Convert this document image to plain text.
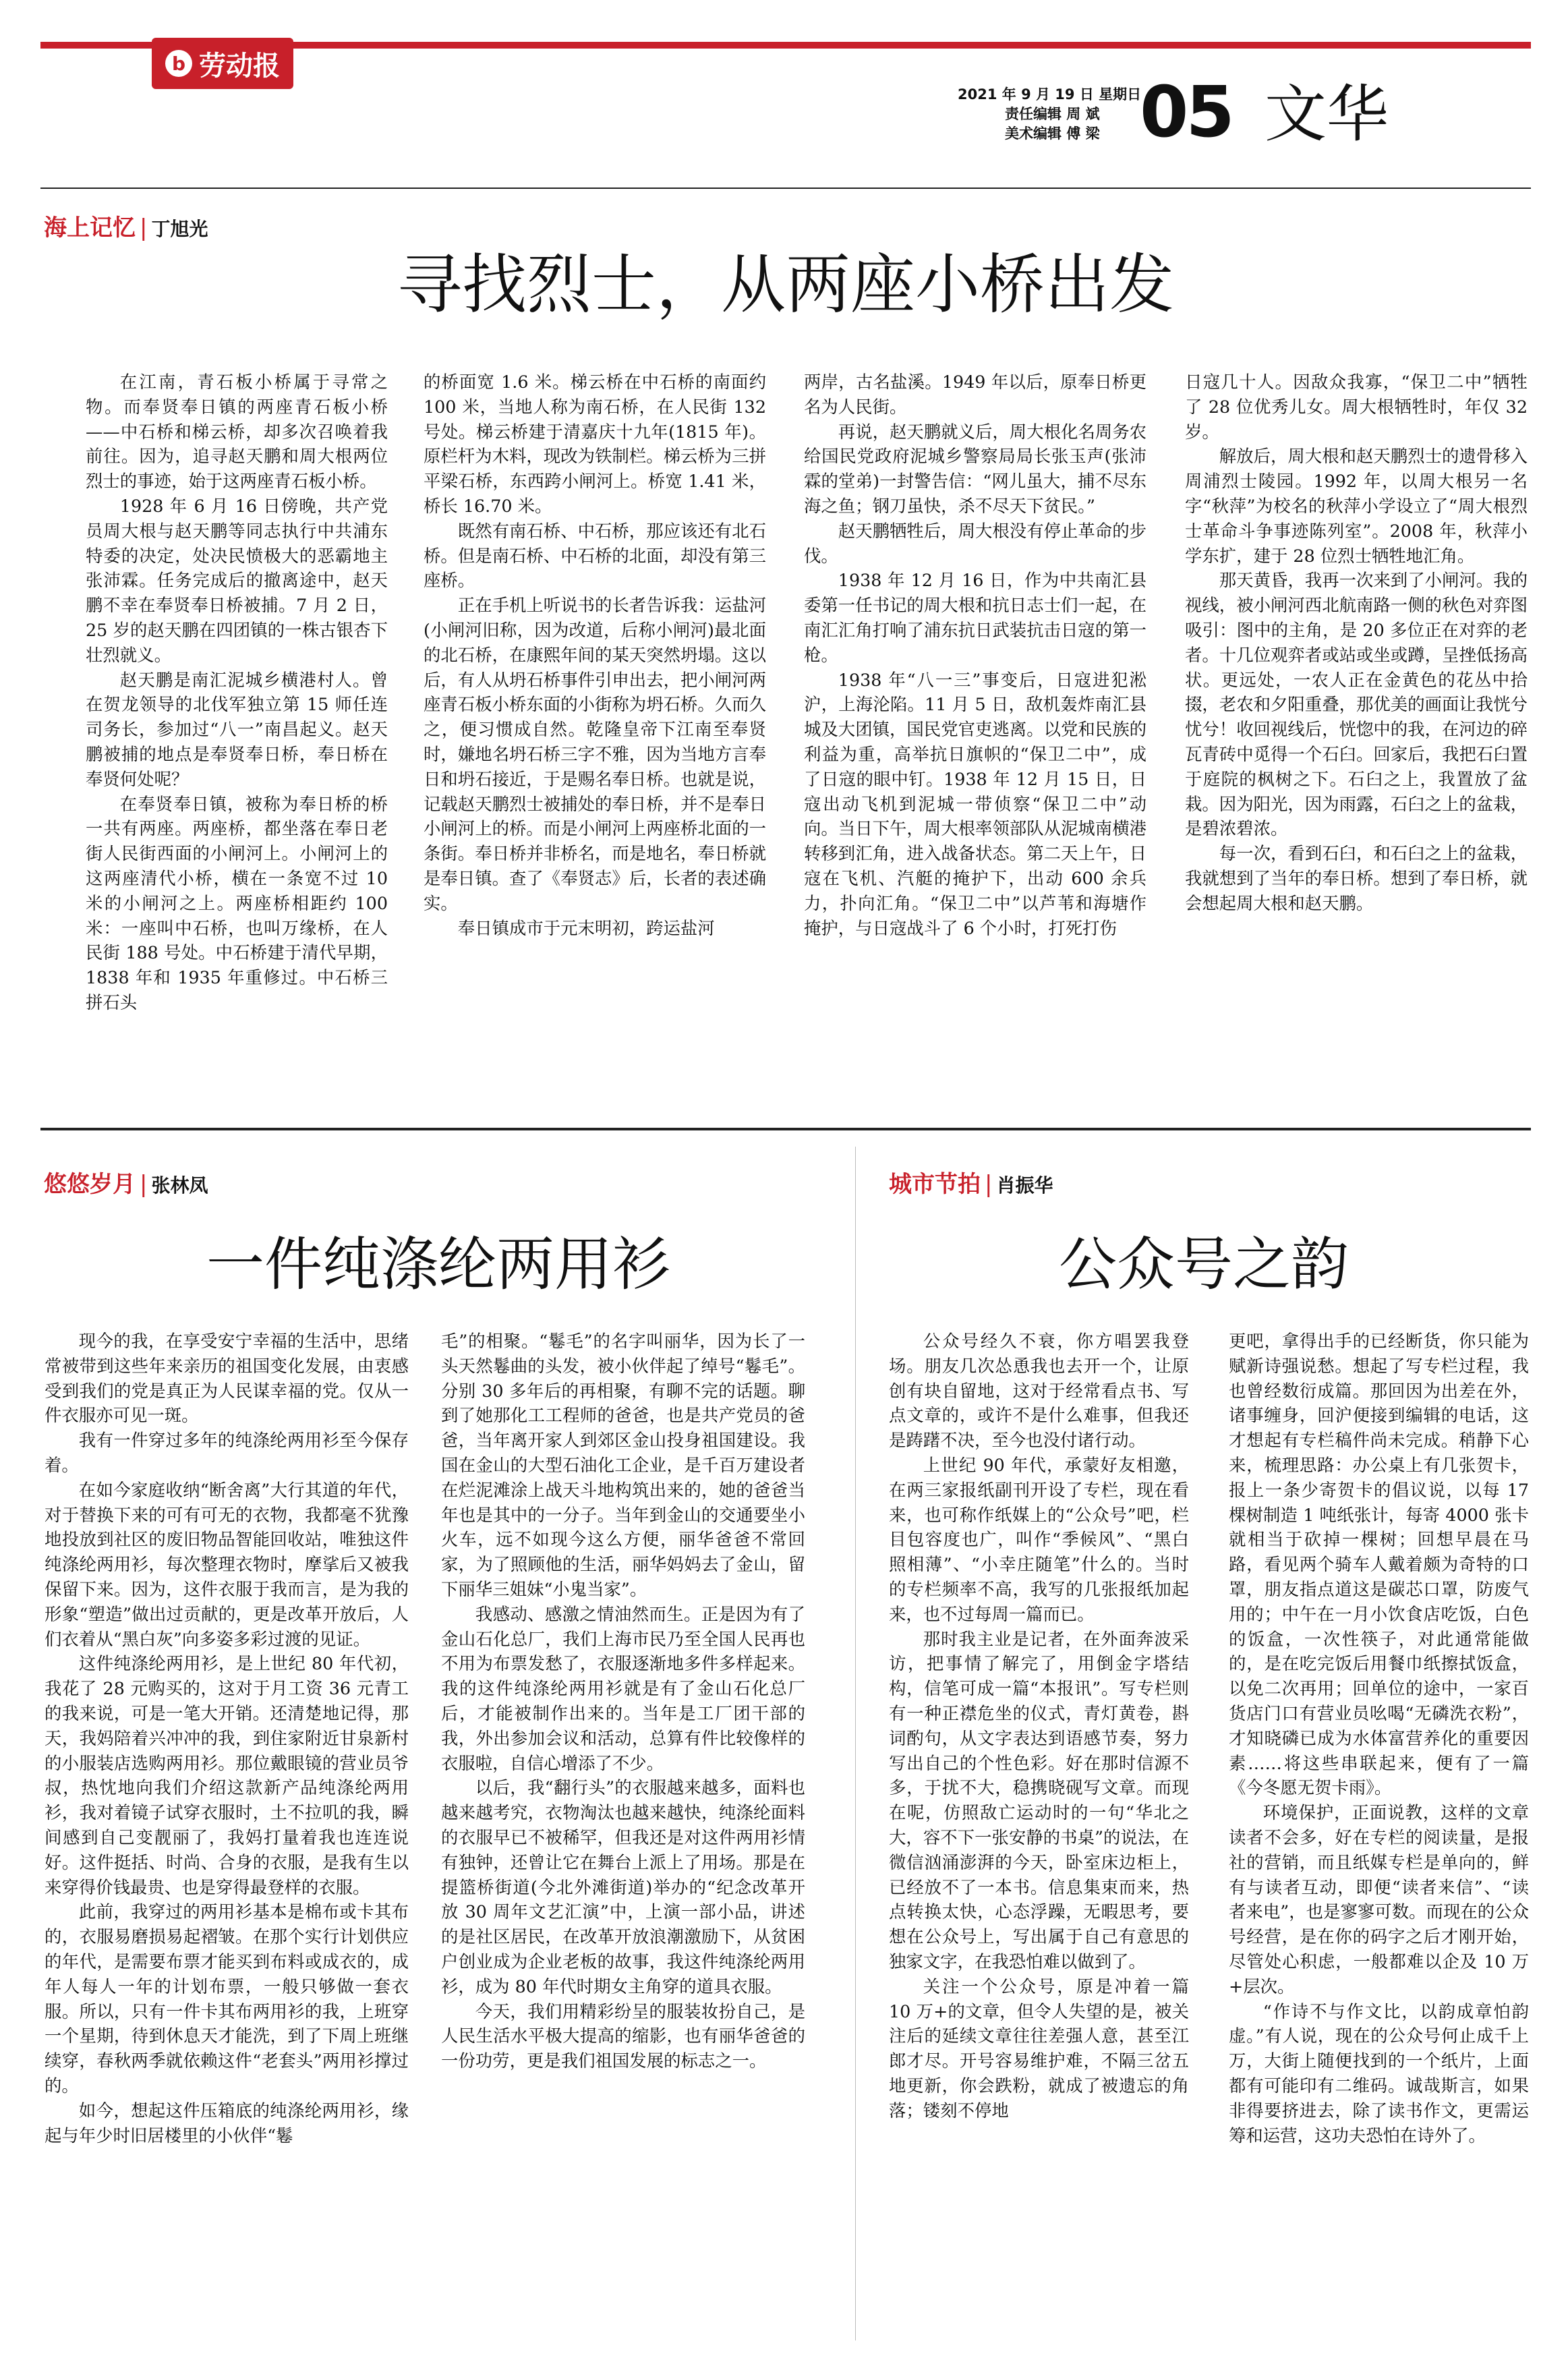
b 劳动报
2021 年 9 月 19 日 星期日
责任编辑 周 斌
美术编辑 傅 梁 05 文华
海上记忆 | 丁旭光
寻找烈士，从两座小桥出发

在江南，青石板小桥属于寻常之物。而奉贤奉日镇的两座青石板小桥——中石桥和梯云桥，却多次召唤着我前往。因为，追寻赵天鹏和周大根两位烈士的事迹，始于这两座青石板小桥。

1928 年 6 月 16 日傍晚，共产党员周大根与赵天鹏等同志执行中共浦东特委的决定，处决民愤极大的恶霸地主张沛霖。任务完成后的撤离途中，赵天鹏不幸在奉贤奉日桥被捕。7 月 2 日，25 岁的赵天鹏在四团镇的一株古银杏下壮烈就义。

赵天鹏是南汇泥城乡横港村人。曾在贺龙领导的北伐军独立第 15 师任连司务长，参加过“八一”南昌起义。赵天鹏被捕的地点是奉贤奉日桥，奉日桥在奉贤何处呢？

在奉贤奉日镇，被称为奉日桥的桥一共有两座。两座桥，都坐落在奉日老街人民街西面的小闸河上。小闸河上的这两座清代小桥，横在一条宽不过 10 米的小闸河之上。两座桥相距约 100 米：一座叫中石桥，也叫万缘桥，在人民街 188 号处。中石桥建于清代早期，1838 年和 1935 年重修过。中石桥三拼石头

的桥面宽 1.6 米。梯云桥在中石桥的南面约 100 米，当地人称为南石桥，在人民街 132 号处。梯云桥建于清嘉庆十九年(1815 年)。原栏杆为木料，现改为铁制栏。梯云桥为三拼平梁石桥，东西跨小闸河上。桥宽 1.41 米，桥长 16.70 米。

既然有南石桥、中石桥，那应该还有北石桥。但是南石桥、中石桥的北面，却没有第三座桥。

正在手机上听说书的长者告诉我：运盐河(小闸河旧称，因为改道，后称小闸河)最北面的北石桥，在康熙年间的某天突然坍塌。这以后，有人从坍石桥事件引申出去，把小闸河两座青石板小桥东面的小街称为坍石桥。久而久之，便习惯成自然。乾隆皇帝下江南至奉贤时，嫌地名坍石桥三字不雅，因为当地方言奉日和坍石接近，于是赐名奉日桥。也就是说，记载赵天鹏烈士被捕处的奉日桥，并不是奉日小闸河上的桥。而是小闸河上两座桥北面的一条街。奉日桥并非桥名，而是地名，奉日桥就是奉日镇。查了《奉贤志》后，长者的表述确实。

奉日镇成市于元末明初，跨运盐河

两岸，古名盐溪。1949 年以后，原奉日桥更名为人民街。

再说，赵天鹏就义后，周大根化名周务农给国民党政府泥城乡警察局局长张玉声(张沛霖的堂弟)一封警告信：“网儿虽大，捕不尽东海之鱼；钢刀虽快，杀不尽天下贫民。”

赵天鹏牺牲后，周大根没有停止革命的步伐。

1938 年 12 月 16 日，作为中共南汇县委第一任书记的周大根和抗日志士们一起，在南汇汇角打响了浦东抗日武装抗击日寇的第一枪。

1938 年“八一三”事变后，日寇进犯淞沪，上海沦陷。11 月 5 日，敌机轰炸南汇县城及大团镇，国民党官吏逃离。以党和民族的利益为重，高举抗日旗帜的“保卫二中”，成了日寇的眼中钉。1938 年 12 月 15 日，日寇出动飞机到泥城一带侦察“保卫二中”动向。当日下午，周大根率领部队从泥城南横港转移到汇角，进入战备状态。第二天上午，日寇在飞机、汽艇的掩护下，出动 600 余兵力，扑向汇角。“保卫二中”以芦苇和海塘作掩护，与日寇战斗了 6 个小时，打死打伤

日寇几十人。因敌众我寡，“保卫二中”牺牲了 28 位优秀儿女。周大根牺牲时，年仅 32 岁。

解放后，周大根和赵天鹏烈士的遗骨移入周浦烈士陵园。1992 年，以周大根另一名字“秋萍”为校名的秋萍小学设立了“周大根烈士革命斗争事迹陈列室”。2008 年，秋萍小学东扩，建于 28 位烈士牺牲地汇角。

那天黄昏，我再一次来到了小闸河。我的视线，被小闸河西北航南路一侧的秋色对弈图吸引：图中的主角，是 20 多位正在对弈的老者。十几位观弈者或站或坐或蹲，呈挫低扬高状。更远处，一农人正在金黄色的花丛中拾掇，老农和夕阳重叠，那优美的画面让我恍兮忧兮！收回视线后，恍惚中的我，在河边的碎瓦青砖中觅得一个石臼。回家后，我把石臼置于庭院的枫树之下。石臼之上，我置放了盆栽。因为阳光，因为雨露，石臼之上的盆栽，是碧浓碧浓。

每一次，看到石臼，和石臼之上的盆栽，我就想到了当年的奉日桥。想到了奉日桥，就会想起周大根和赵天鹏。

悠悠岁月 | 张林凤
一件纯涤纶两用衫

现今的我，在享受安宁幸福的生活中，思绪常被带到这些年来亲历的祖国变化发展，由衷感受到我们的党是真正为人民谋幸福的党。仅从一件衣服亦可见一斑。

我有一件穿过多年的纯涤纶两用衫至今保存着。

在如今家庭收纳“断舍离”大行其道的年代，对于替换下来的可有可无的衣物，我都毫不犹豫地投放到社区的废旧物品智能回收站，唯独这件纯涤纶两用衫，每次整理衣物时，摩挲后又被我保留下来。因为，这件衣服于我而言，是为我的形象“塑造”做出过贡献的，更是改革开放后，人们衣着从“黑白灰”向多姿多彩过渡的见证。

这件纯涤纶两用衫，是上世纪 80 年代初，我花了 28 元购买的，这对于月工资 36 元青工的我来说，可是一笔大开销。还清楚地记得，那天，我妈陪着兴冲冲的我，到住家附近甘泉新村的小服装店选购两用衫。那位戴眼镜的营业员爷叔，热忱地向我们介绍这款新产品纯涤纶两用衫，我对着镜子试穿衣服时，土不拉叽的我，瞬间感到自己变靓丽了，我妈打量着我也连连说好。这件挺括、时尚、合身的衣服，是我有生以来穿得价钱最贵、也是穿得最登样的衣服。

此前，我穿过的两用衫基本是棉布或卡其布的，衣服易磨损易起褶皱。在那个实行计划供应的年代，是需要布票才能买到布料或成衣的，成年人每人一年的计划布票，一般只够做一套衣服。所以，只有一件卡其布两用衫的我，上班穿一个星期，待到休息天才能洗，到了下周上班继续穿，春秋两季就依赖这件“老套头”两用衫撑过的。

如今，想起这件压箱底的纯涤纶两用衫，缘起与年少时旧居楼里的小伙伴“鬈

毛”的相聚。“鬈毛”的名字叫丽华，因为长了一头天然鬈曲的头发，被小伙伴起了绰号“鬈毛”。分别 30 多年后的再相聚，有聊不完的话题。聊到了她那化工工程师的爸爸，也是共产党员的爸爸，当年离开家人到郊区金山投身祖国建设。我国在金山的大型石油化工企业，是千百万建设者在烂泥滩涂上战天斗地构筑出来的，她的爸爸当年也是其中的一分子。当年到金山的交通要坐小火车，远不如现今这么方便，丽华爸爸不常回家，为了照顾他的生活，丽华妈妈去了金山，留下丽华三姐妹“小鬼当家”。

我感动、感激之情油然而生。正是因为有了金山石化总厂，我们上海市民乃至全国人民再也不用为布票发愁了，衣服逐渐地多件多样起来。我的这件纯涤纶两用衫就是有了金山石化总厂后，才能被制作出来的。当年是工厂团干部的我，外出参加会议和活动，总算有件比较像样的衣服啦，自信心增添了不少。

以后，我“翻行头”的衣服越来越多，面料也越来越考究，衣物淘汰也越来越快，纯涤纶面料的衣服早已不被稀罕，但我还是对这件两用衫情有独钟，还曾让它在舞台上派上了用场。那是在提篮桥街道(今北外滩街道)举办的“纪念改革开放 30 周年文艺汇演”中，上演一部小品，讲述的是社区居民，在改革开放浪潮激励下，从贫困户创业成为企业老板的故事，我这件纯涤纶两用衫，成为 80 年代时期女主角穿的道具衣服。

今天，我们用精彩纷呈的服装妆扮自己，是人民生活水平极大提高的缩影，也有丽华爸爸的一份功劳，更是我们祖国发展的标志之一。

城市节拍 | 肖振华
公众号之韵

公众号经久不衰，你方唱罢我登场。朋友几次怂恿我也去开一个，让原创有块自留地，这对于经常看点书、写点文章的，或许不是什么难事，但我还是踌躇不决，至今也没付诸行动。

上世纪 90 年代，承蒙好友相邀，在两三家报纸副刊开设了专栏，现在看来，也可称作纸媒上的“公众号”吧，栏目包容度也广，叫作“季候风”、“黑白照相薄”、“小幸庄随笔”什么的。当时的专栏频率不高，我写的几张报纸加起来，也不过每周一篇而已。

那时我主业是记者，在外面奔波采访，把事情了解完了，用倒金字塔结构，信笔可成一篇“本报讯”。写专栏则有一种正襟危坐的仪式，青灯黄卷，斟词酌句，从文字表达到语感节奏，努力写出自己的个性色彩。好在那时信源不多，于扰不大，稳携晓砚写文章。而现在呢，仿照敌亡运动时的一句“华北之大，容不下一张安静的书桌”的说法，在微信汹涌澎湃的今天，卧室床边柜上，已经放不了一本书。信息集束而来，热点转换太快，心态浮躁，无暇思考，要想在公众号上，写出属于自己有意思的独家文字，在我恐怕难以做到了。

关注一个公众号，原是冲着一篇 10 万+的文章，但令人失望的是，被关注后的延续文章往往差强人意，甚至江郎才尽。开号容易维护难，不隔三岔五地更新，你会跌粉，就成了被遗忘的角落；镂刻不停地

更吧，拿得出手的已经断货，你只能为赋新诗强说愁。想起了写专栏过程，我也曾经数衍成篇。那回因为出差在外，诸事缠身，回沪便接到编辑的电话，这才想起有专栏稿件尚未完成。稍静下心来，梳理思路：办公桌上有几张贺卡，报上一条少寄贺卡的倡议说，以每 17 棵树制造 1 吨纸张计，每寄 4000 张卡就相当于砍掉一棵树；回想早晨在马路，看见两个骑车人戴着颇为奇特的口罩，朋友指点道这是碳芯口罩，防废气用的；中午在一月小饮食店吃饭，白色的饭盒，一次性筷子，对此通常能做的，是在吃完饭后用餐巾纸擦拭饭盒，以免二次再用；回单位的途中，一家百货店门口有营业员吆喝“无磷洗衣粉”，才知晓磷已成为水体富营养化的重要因素……将这些串联起来，便有了一篇《今冬愿无贺卡雨》。

环境保护，正面说教，这样的文章读者不会多，好在专栏的阅读量，是报社的营销，而且纸媒专栏是单向的，鲜有与读者互动，即便“读者来信”、“读者来电”，也是寥寥可数。而现在的公众号经营，是在你的码字之后才刚开始，尽管处心积虑，一般都难以企及 10 万+层次。

“作诗不与作文比，以韵成章怕韵虚。”有人说，现在的公众号何止成千上万，大街上随便找到的一个纸片，上面都有可能印有二维码。诚哉斯言，如果非得要挤进去，除了读书作文，更需运筹和运营，这功夫恐怕在诗外了。
